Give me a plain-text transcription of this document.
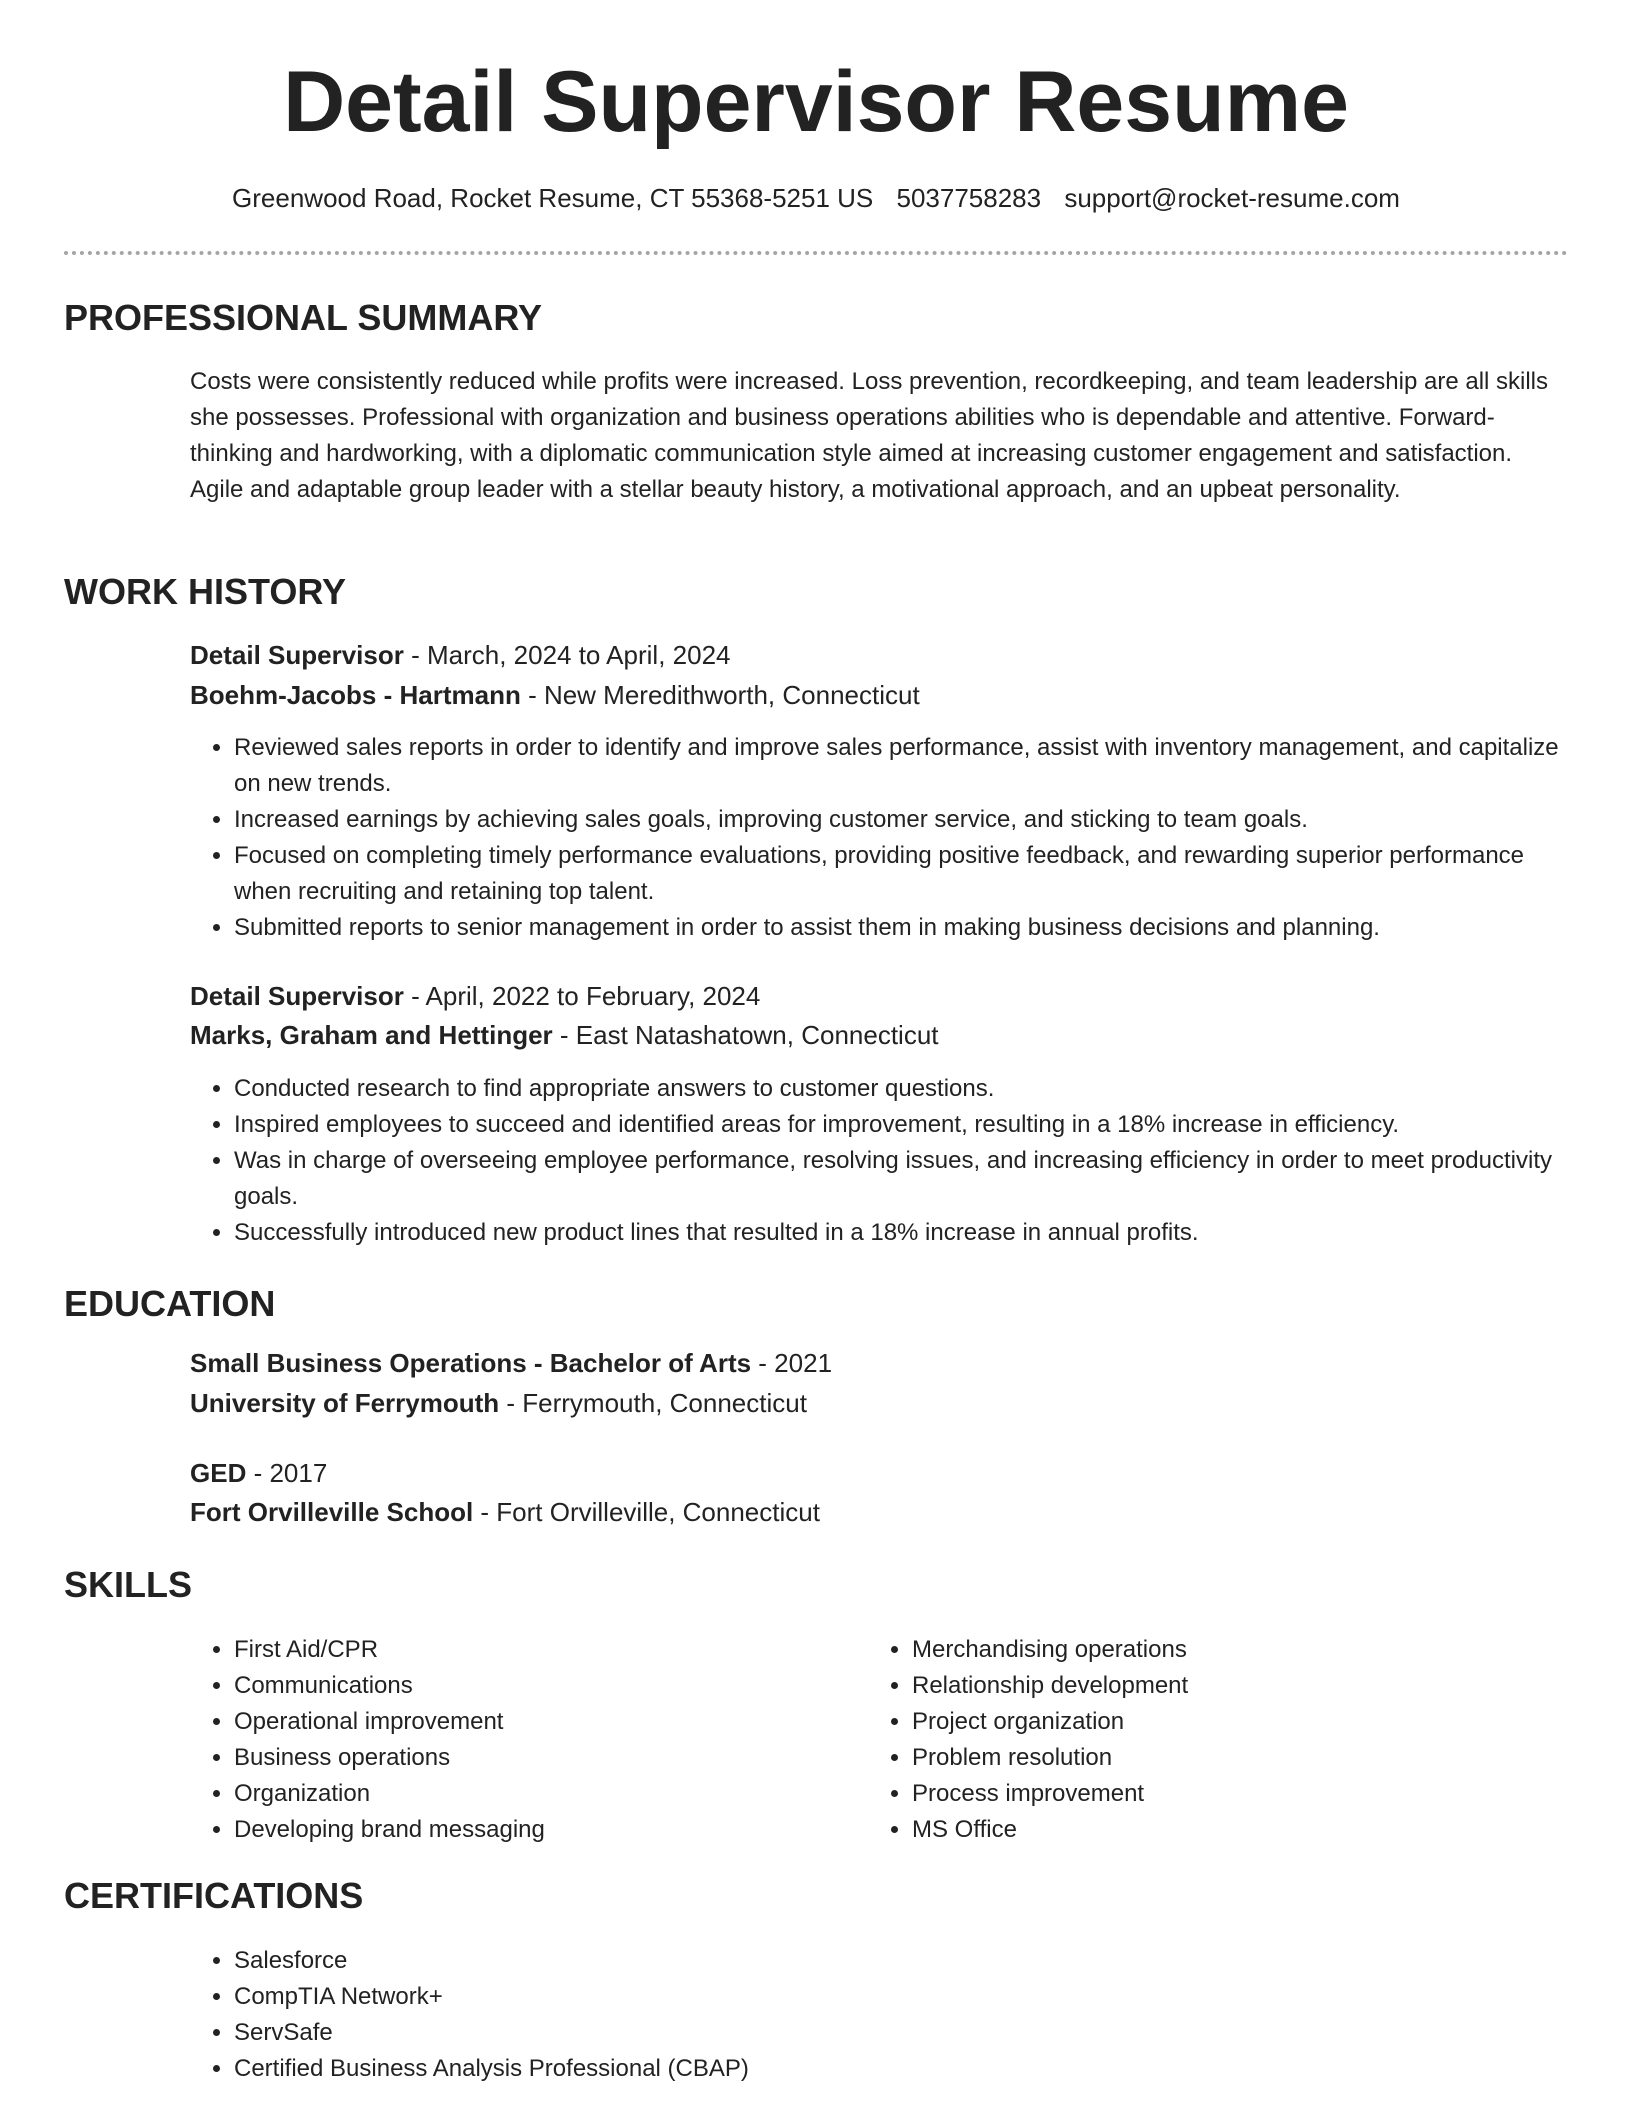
Detail Supervisor Resume
Greenwood Road, Rocket Resume, CT 55368-5251 US 5037758283 support@rocket-resume.com
PROFESSIONAL SUMMARY

Costs were consistently reduced while profits were increased. Loss prevention, recordkeeping, and team leadership are all skills she possesses. Professional with organization and business operations abilities who is dependable and attentive. Forward-thinking and hardworking, with a diplomatic communication style aimed at increasing customer engagement and satisfaction. Agile and adaptable group leader with a stellar beauty history, a motivational approach, and an upbeat personality.

WORK HISTORY

Detail Supervisor - March, 2024 to April, 2024

Boehm-Jacobs - Hartmann - New Meredithworth, Connecticut

• Reviewed sales reports in order to identify and improve sales performance, assist with inventory management, and capitalize on new trends.
• Increased earnings by achieving sales goals, improving customer service, and sticking to team goals.
• Focused on completing timely performance evaluations, providing positive feedback, and rewarding superior performance when recruiting and retaining top talent.
• Submitted reports to senior management in order to assist them in making business decisions and planning.

Detail Supervisor - April, 2022 to February, 2024

Marks, Graham and Hettinger - East Natashatown, Connecticut

• Conducted research to find appropriate answers to customer questions.
• Inspired employees to succeed and identified areas for improvement, resulting in a 18% increase in efficiency.
• Was in charge of overseeing employee performance, resolving issues, and increasing efficiency in order to meet productivity goals.
• Successfully introduced new product lines that resulted in a 18% increase in annual profits.
EDUCATION

Small Business Operations - Bachelor of Arts - 2021

University of Ferrymouth - Ferrymouth, Connecticut

GED - 2017

Fort Orvilleville School - Fort Orvilleville, Connecticut

SKILLS
• First Aid/CPR
• Communications
• Operational improvement
• Business operations
• Organization
• Developing brand messaging
• Merchandising operations
• Relationship development
• Project organization
• Problem resolution
• Process improvement
• MS Office
CERTIFICATIONS
• Salesforce
• CompTIA Network+
• ServSafe
• Certified Business Analysis Professional (CBAP)
